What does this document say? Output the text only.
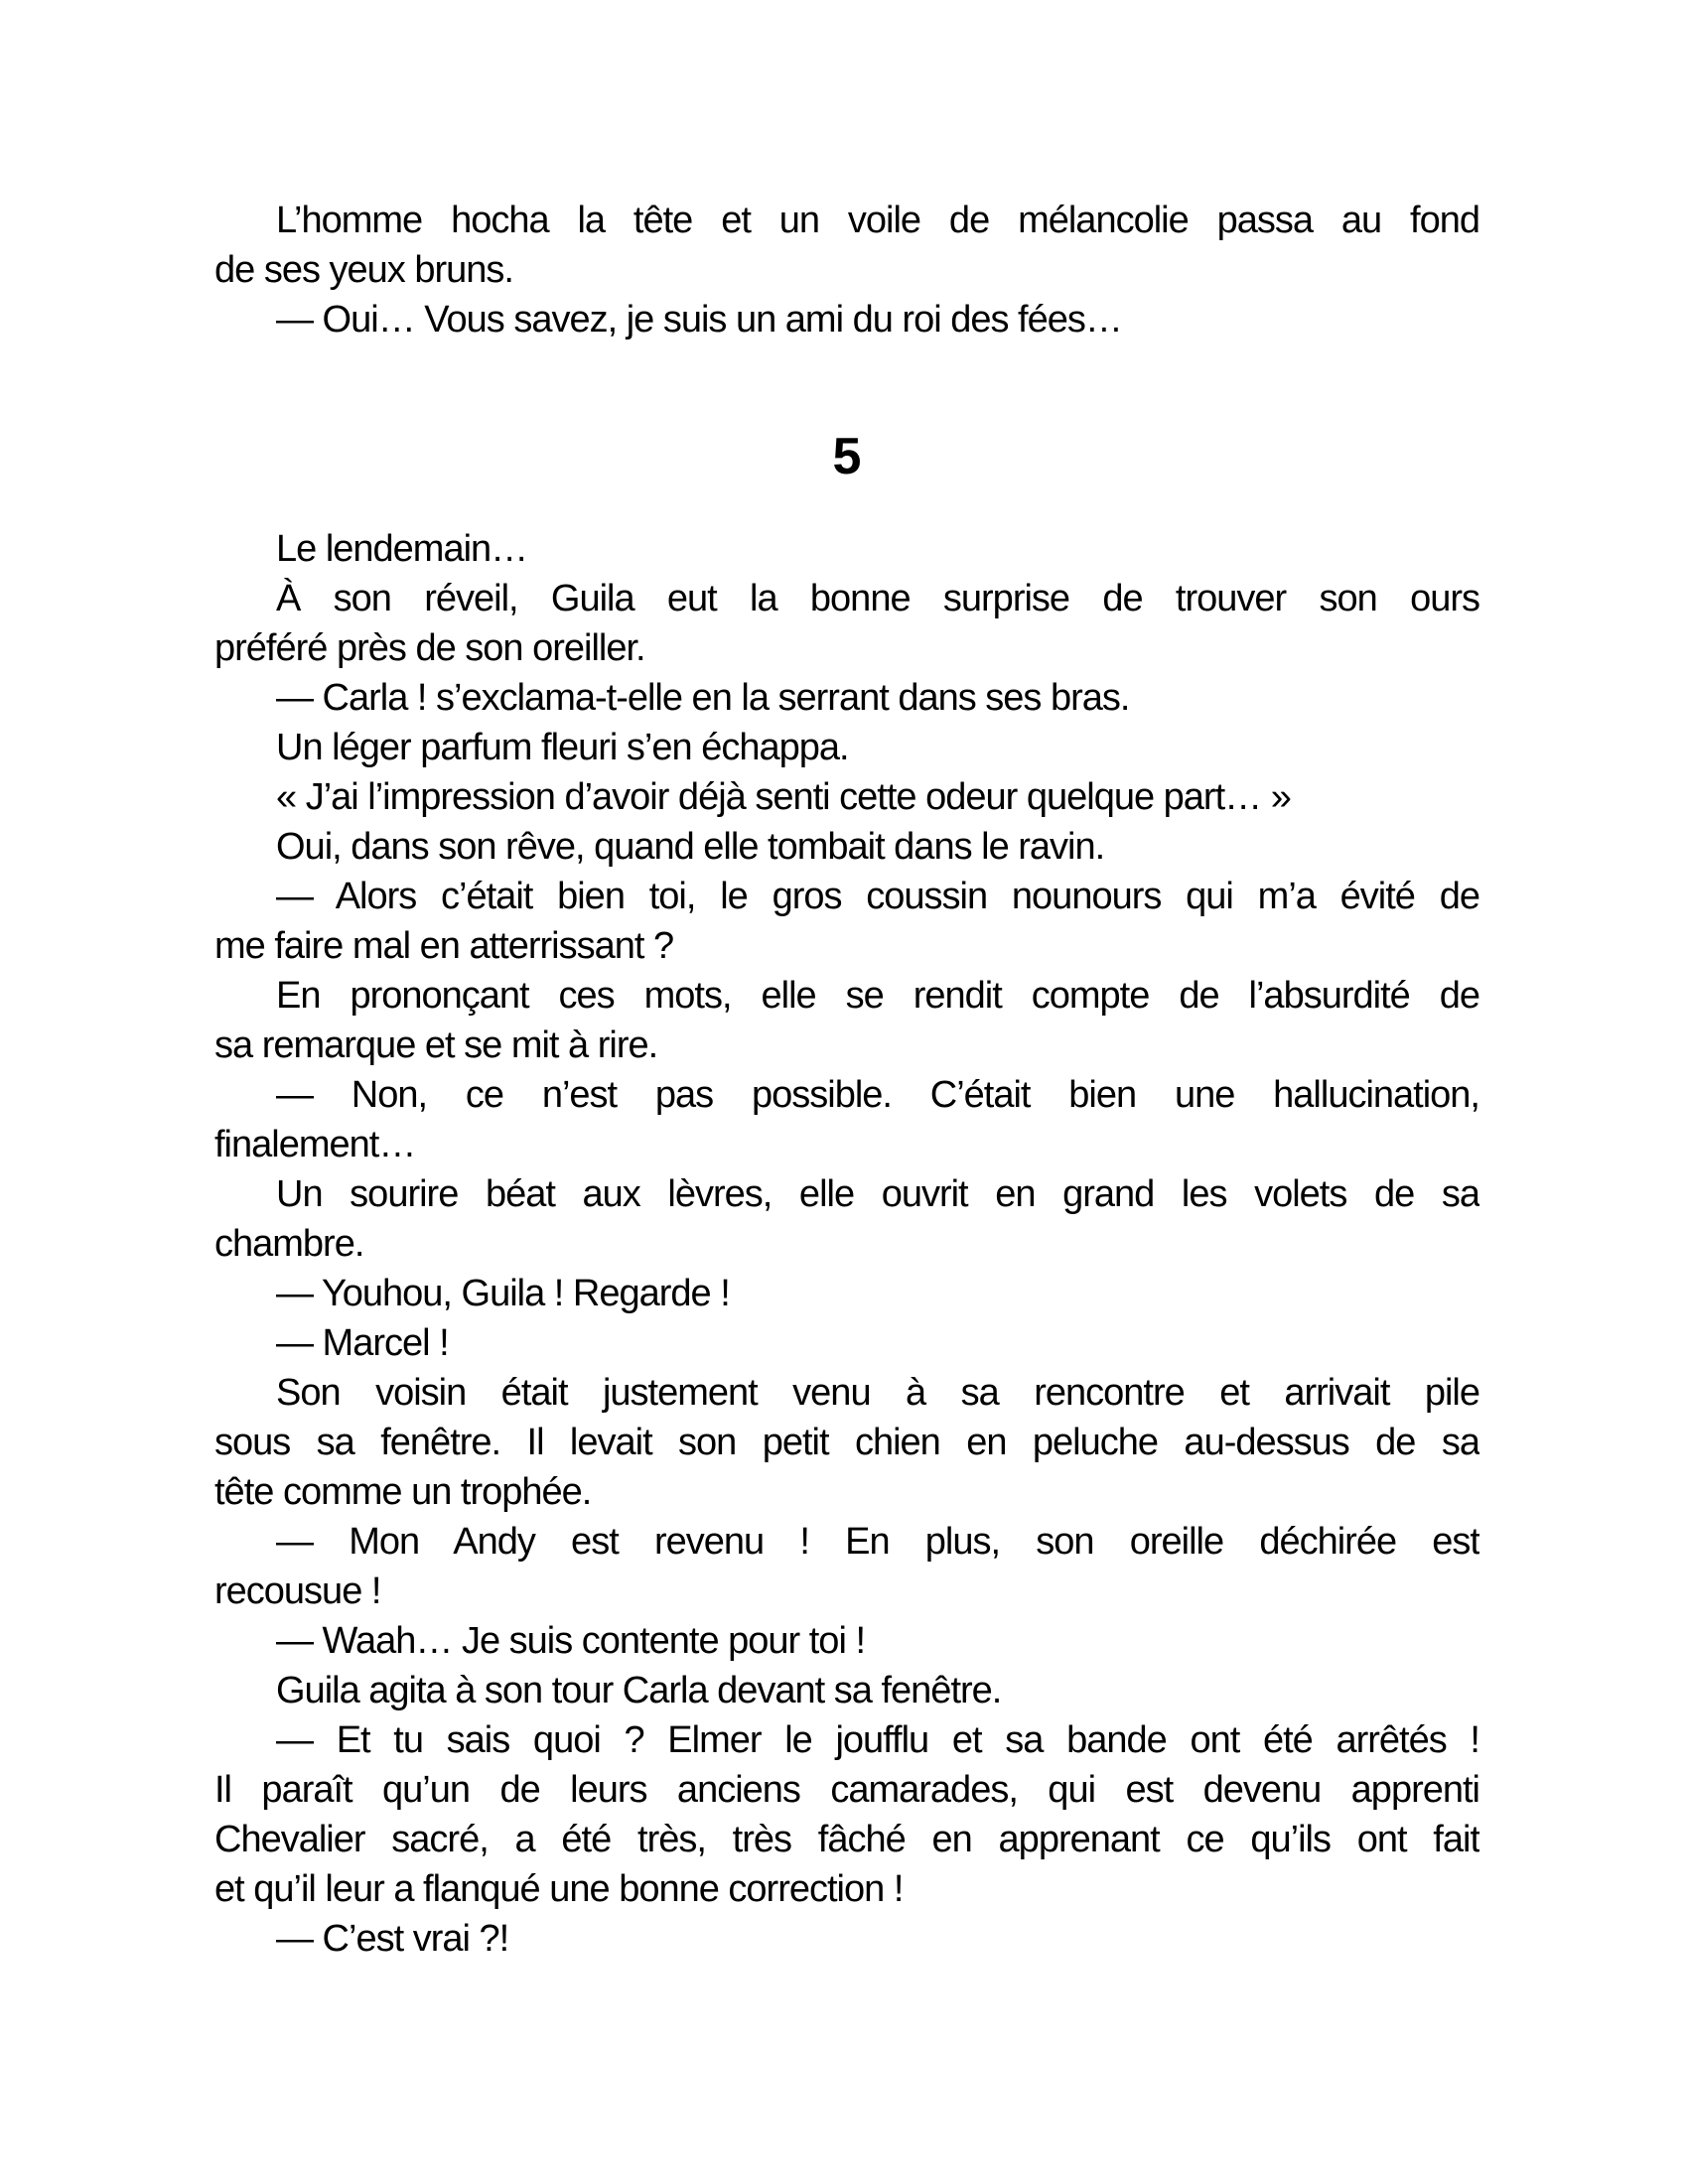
L’homme hocha la tête et un voile de mélancolie passa au fond
de ses yeux bruns.
— Oui… Vous savez, je suis un ami du roi des fées…
5
Le lendemain…
À son réveil, Guila eut la bonne surprise de trouver son ours
préféré près de son oreiller.
— Carla ! s’exclama-t-elle en la serrant dans ses bras.
Un léger parfum fleuri s’en échappa.
« J’ai l’impression d’avoir déjà senti cette odeur quelque part… »
Oui, dans son rêve, quand elle tombait dans le ravin.
— Alors c’était bien toi, le gros coussin nounours qui m’a évité de
me faire mal en atterrissant ?
En prononçant ces mots, elle se rendit compte de l’absurdité de
sa remarque et se mit à rire.
— Non, ce n’est pas possible. C’était bien une hallucination,
finalement…
Un sourire béat aux lèvres, elle ouvrit en grand les volets de sa
chambre.
— Youhou, Guila ! Regarde !
— Marcel !
Son voisin était justement venu à sa rencontre et arrivait pile
sous sa fenêtre. Il levait son petit chien en peluche au-dessus de sa
tête comme un trophée.
— Mon Andy est revenu ! En plus, son oreille déchirée est
recousue !
— Waah… Je suis contente pour toi !
Guila agita à son tour Carla devant sa fenêtre.
— Et tu sais quoi ? Elmer le joufflu et sa bande ont été arrêtés !
Il paraît qu’un de leurs anciens camarades, qui est devenu apprenti
Chevalier sacré, a été très, très fâché en apprenant ce qu’ils ont fait
et qu’il leur a flanqué une bonne correction !
— C’est vrai ?!
